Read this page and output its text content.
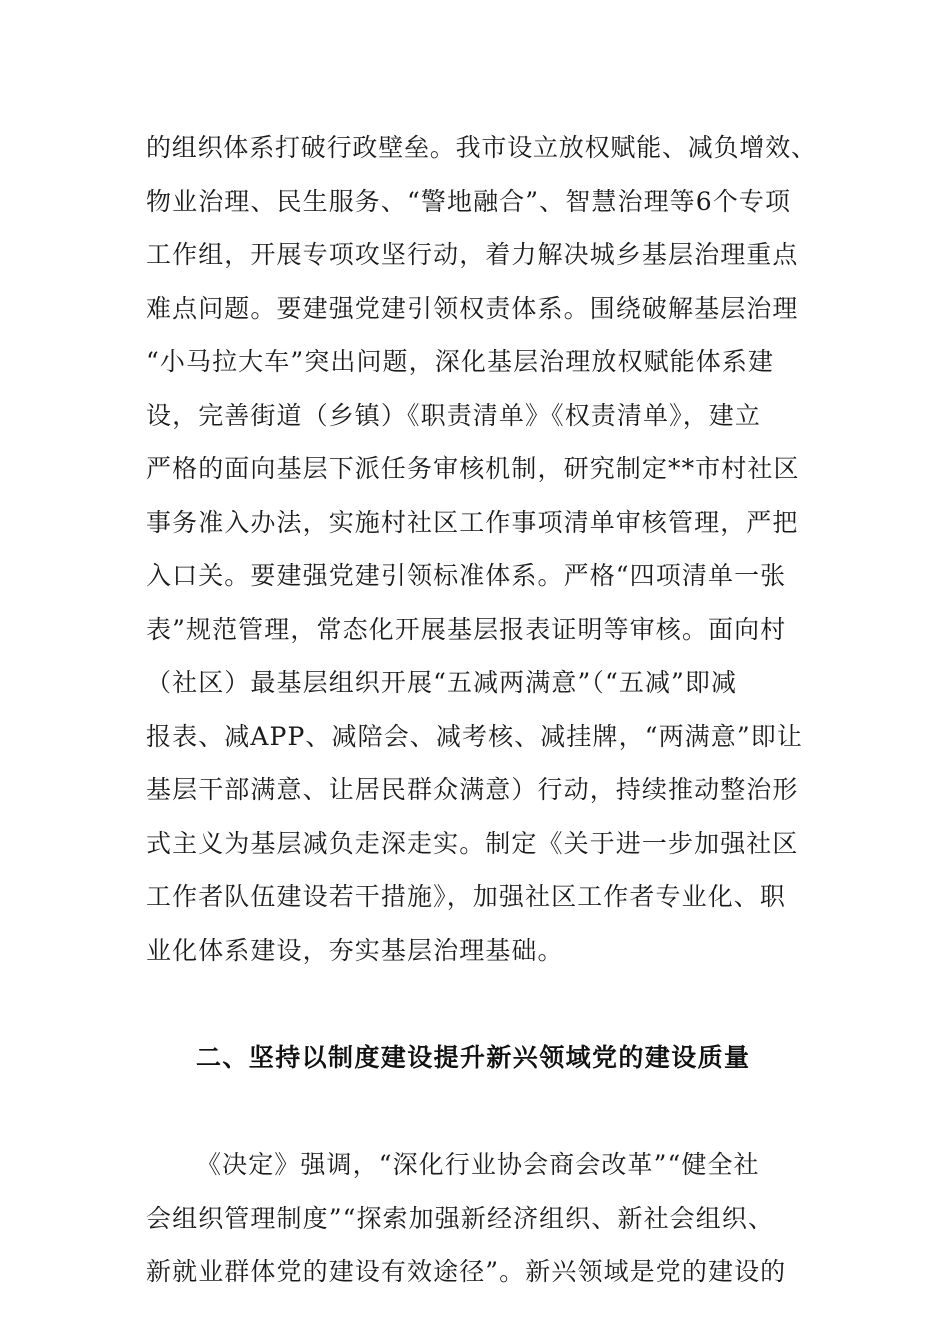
的组织体系打破行政壁垒。我市设立放权赋能、减负增效、
物业治理、民生服务、“警地融合”、智慧治理等6个专项
工作组，开展专项攻坚行动，着力解决城乡基层治理重点
难点问题。要建强党建引领权责体系。围绕破解基层治理
“小马拉大车”突出问题，深化基层治理放权赋能体系建
设，完善街道（乡镇）《职责清单》《权责清单》，建立
严格的面向基层下派任务审核机制，研究制定**市村社区
事务准入办法，实施村社区工作事项清单审核管理，严把
入口关。要建强党建引领标准体系。严格“四项清单一张
表”规范管理，常态化开展基层报表证明等审核。面向村
（社区）最基层组织开展“五减两满意”（“五减”即减
报表、减APP、减陪会、减考核、减挂牌，“两满意”即让
基层干部满意、让居民群众满意）行动，持续推动整治形
式主义为基层减负走深走实。制定《关于进一步加强社区
工作者队伍建设若干措施》，加强社区工作者专业化、职
业化体系建设，夯实基层治理基础。
二、坚持以制度建设提升新兴领域党的建设质量
《决定》强调，“深化行业协会商会改革”“健全社
会组织管理制度”“探索加强新经济组织、新社会组织、
新就业群体党的建设有效途径”。新兴领域是党的建设的
